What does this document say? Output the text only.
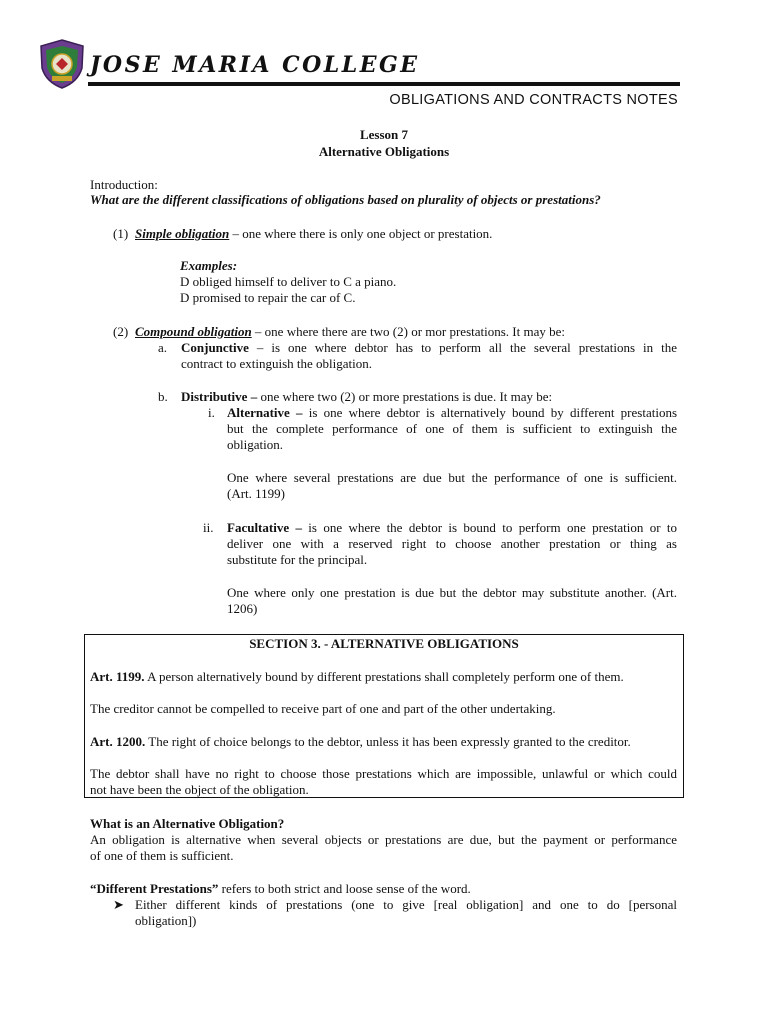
JOSE MARIA COLLEGE
OBLIGATIONS AND CONTRACTS NOTES
Lesson 7
Alternative Obligations
Introduction:
What are the different classifications of obligations based on plurality of objects or prestations?
(1) Simple obligation – one where there is only one object or prestation.
Examples:
D obliged himself to deliver to C a piano.
D promised to repair the car of C.
(2) Compound obligation – one where there are two (2) or mor prestations. It may be:
a. Conjunctive – is one where debtor has to perform all the several prestations in the
contract to extinguish the obligation.
b. Distributive – one where two (2) or more prestations is due. It may be:
i. Alternative – is one where debtor is alternatively bound by different prestations
but the complete performance of one of them is sufficient to extinguish the
obligation.
One where several prestations are due but the performance of one is sufficient.
(Art. 1199)
ii. Facultative – is one where the debtor is bound to perform one prestation or to
deliver one with a reserved right to choose another prestation or thing as
substitute for the principal.
One where only one prestation is due but the debtor may substitute another. (Art.
1206)
SECTION 3. - ALTERNATIVE OBLIGATIONS
Art. 1199. A person alternatively bound by different prestations shall completely perform one of them.
The creditor cannot be compelled to receive part of one and part of the other undertaking.
Art. 1200. The right of choice belongs to the debtor, unless it has been expressly granted to the creditor.
The debtor shall have no right to choose those prestations which are impossible, unlawful or which could
not have been the object of the obligation.
What is an Alternative Obligation?
An obligation is alternative when several objects or prestations are due, but the payment or performance
of one of them is sufficient.
“Different Prestations” refers to both strict and loose sense of the word.
➤ Either different kinds of prestations (one to give [real obligation] and one to do [personal
obligation])
